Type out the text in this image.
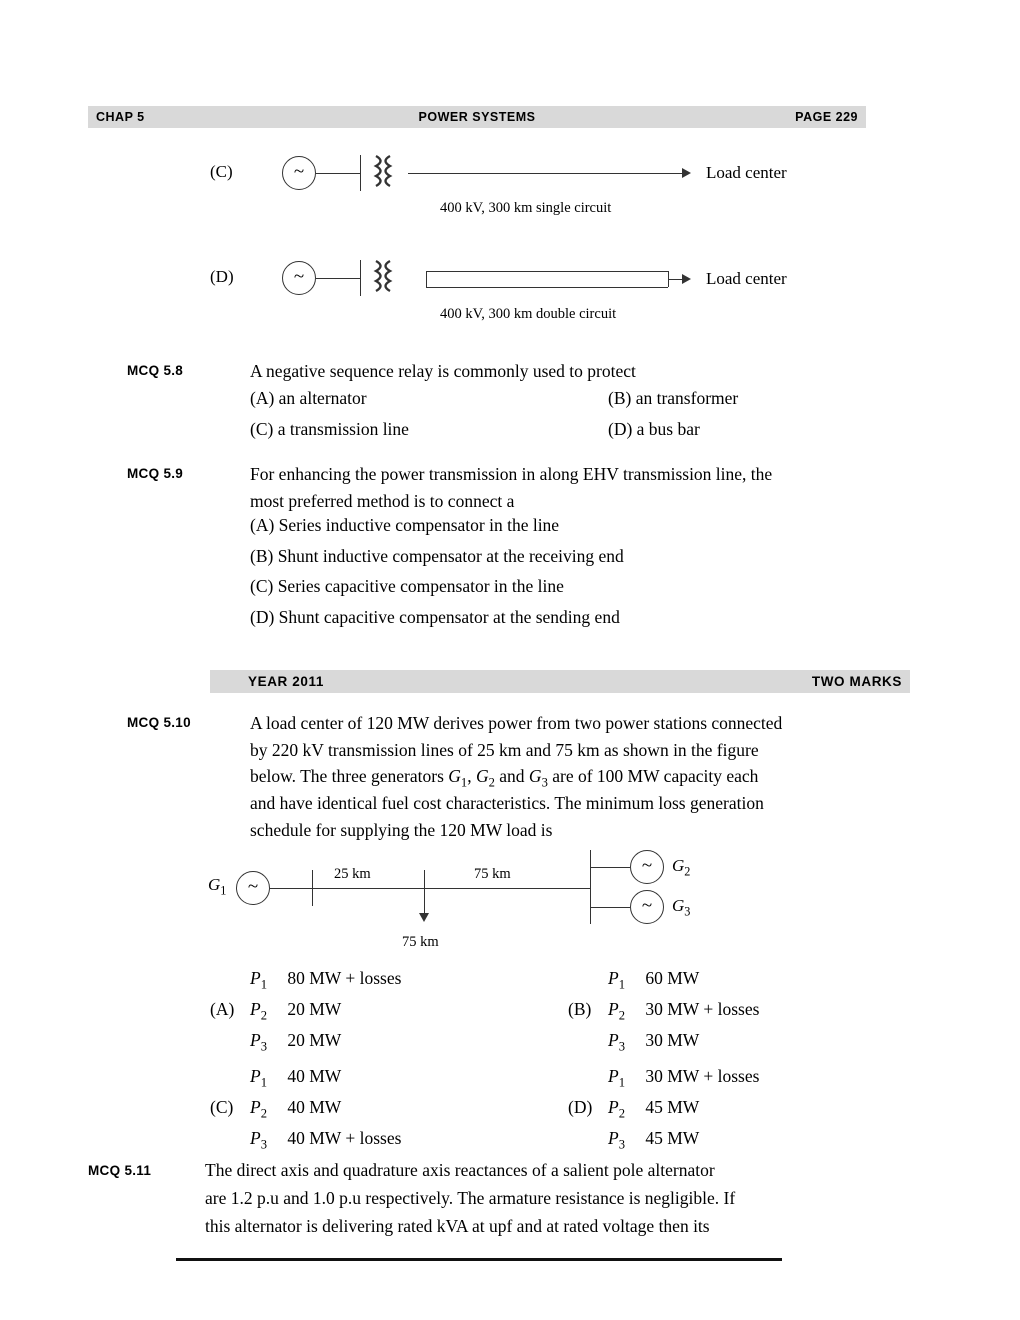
CHAP 5	POWER SYSTEMS	PAGE 229
(C)	~	Load center
400 kV, 300 km single circuit
(D)	~	Load center
400 kV, 300 km double circuit
MCQ 5.8	A negative sequence relay is commonly used to protect
(A) an alternator	(B) an transformer
(C) a transmission line	(D) a bus bar
MCQ 5.9	For enhancing the power transmission in along EHV transmission line, the
most preferred method is to connect a
(A) Series inductive compensator in the line
(B) Shunt inductive compensator at the receiving end
(C) Series capacitive compensator in the line
(D) Shunt capacitive compensator at the sending end
YEAR 2011	TWO MARKS
MCQ 5.10	A load center of 120 MW derives power from two power stations connected
by 220 kV transmission lines of 25 km and 75 km as shown in the figure
below. The three generators $G_1$, $G_2$ and $G_3$ are of 100 MW capacity each
and have identical fuel cost characteristics. The minimum loss generation
schedule for supplying the 120 MW load is
$G_1$	~
75 km
25 km	75 km	~	$G_2$
~	$G_3$
(A)
$P_1$ 80 MW + losses
$P_2$ 20 MW
$P_3$ 20 MW
(B)
$P_1$ 60 MW
$P_2$ 30 MW + losses
$P_3$ 30 MW
(C)
$P_1$ 40 MW
$P_2$ 40 MW
$P_3$ 40 MW + losses
(D)
$P_1$ 30 MW + losses
$P_2$ 45 MW
$P_3$ 45 MW
MCQ 5.11	The direct axis and quadrature axis reactances of a salient pole alternator
are 1.2 p.u and 1.0 p.u respectively. The armature resistance is negligible. If
this alternator is delivering rated kVA at upf and at rated voltage then its
